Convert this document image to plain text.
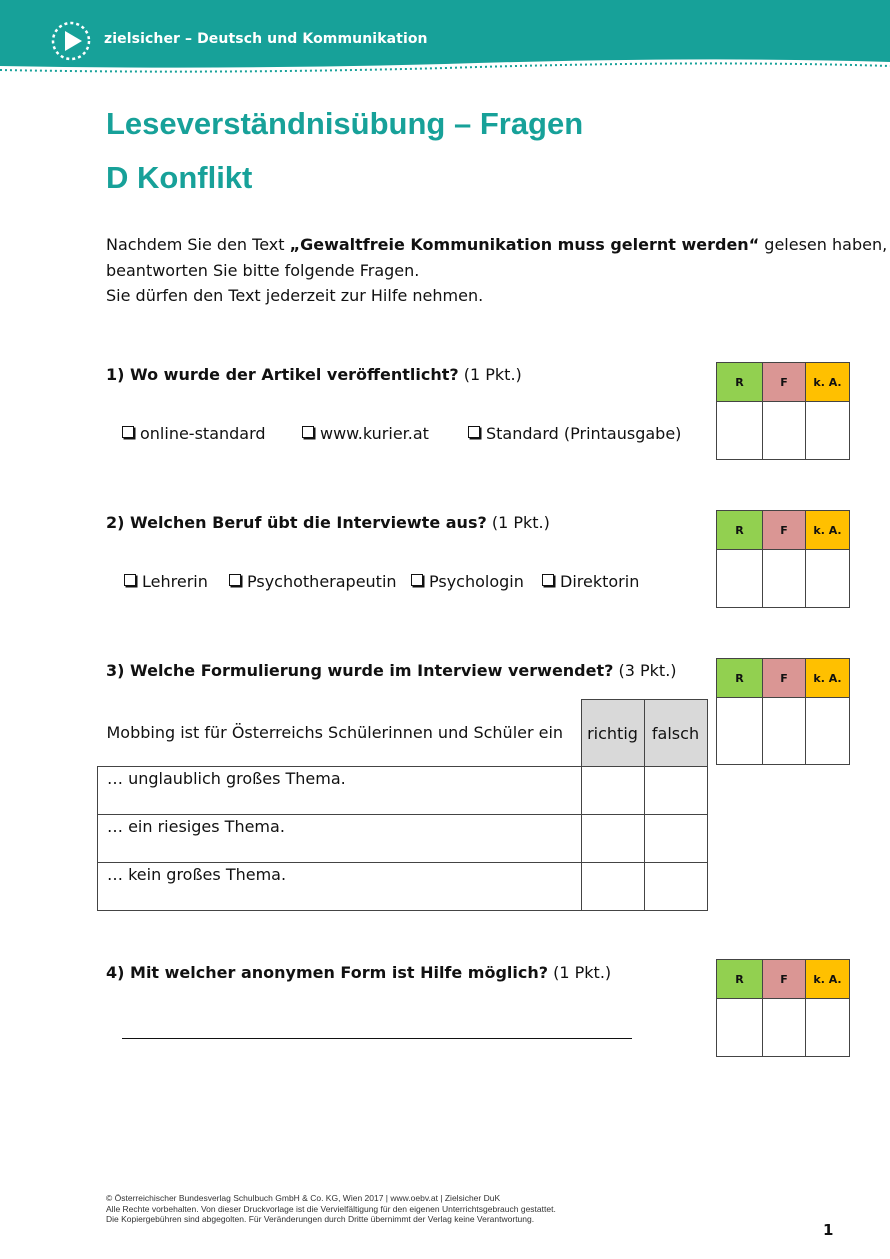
zielsicher – Deutsch und Kommunikation
Leseverständnisübung – Fragen
D Konflikt
Nachdem Sie den Text „Gewaltfreie Kommunikation muss gelernt werden“ gelesen haben,
beantworten Sie bitte folgende Fragen.
Sie dürfen den Text jederzeit zur Hilfe nehmen.
1) Wo wurde der Artikel veröffentlicht? (1 Pkt.)
online-standard	www.kurier.at	Standard (Printausgabe)
R	F	k. A.

2) Welchen Beruf übt die Interviewte aus? (1 Pkt.)
Lehrerin	Psychotherapeutin	Psychologin	Direktorin
R	F	k. A.

3) Welche Formulierung wurde im Interview verwendet? (3 Pkt.)	R	F	k. A.

Mobbing ist für Österreichs Schülerinnen und Schüler ein	richtig	falsch
… unglaublich großes Thema.		
… ein riesiges Thema.		
… kein großes Thema.		
4) Mit welcher anonymen Form ist Hilfe möglich? (1 Pkt.)	R	F	k. A.

© Österreichischer Bundesverlag Schulbuch GmbH & Co. KG, Wien 2017 | www.oebv.at | Zielsicher DuK
Alle Rechte vorbehalten. Von dieser Druckvorlage ist die Vervielfältigung für den eigenen Unterrichtsgebrauch gestattet.
Die Kopiergebühren sind abgegolten. Für Veränderungen durch Dritte übernimmt der Verlag keine Verantwortung.
1
